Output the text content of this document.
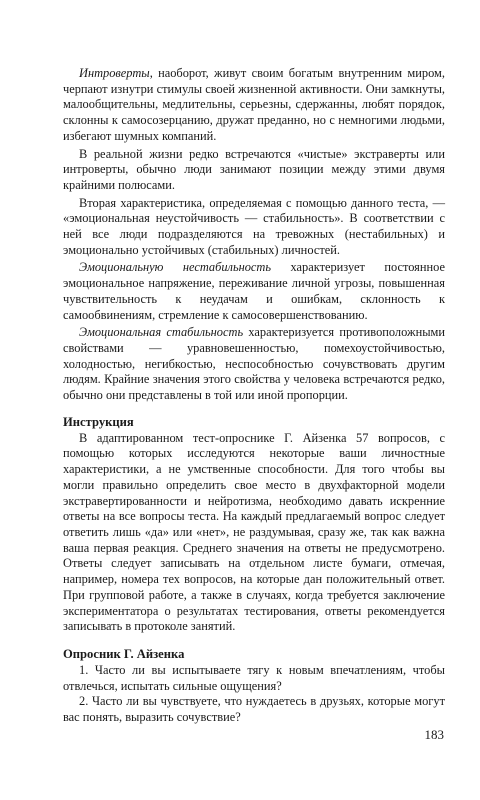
Интроверты, наоборот, живут своим богатым внутренним миром, черпают изнутри стимулы своей жизненной активности. Они замкнуты, малообщительны, медлительны, серьезны, сдержанны, любят порядок, склонны к самосозерцанию, дружат преданно, но с немногими людьми, избегают шумных компаний.

В реальной жизни редко встречаются «чистые» экстраверты или интроверты, обычно люди занимают позиции между этими двумя крайними полюсами.

Вторая характеристика, определяемая с помощью данного теста, — «эмоциональная неустойчивость — стабильность». В соответствии с ней все люди подразделяются на тревожных (нестабильных) и эмоционально устойчивых (стабильных) личностей.

Эмоциональную нестабильность характеризует постоянное эмоциональное напряжение, переживание личной угрозы, повышенная чувствительность к неудачам и ошибкам, склонность к самообвинениям, стремление к самосовершенствованию.

Эмоциональная стабильность характеризуется противоположными свойствами — уравновешенностью, помехоустойчивостью, холодностью, негибкостью, неспособностью сочувствовать другим людям. Крайние значения этого свойства у человека встречаются редко, обычно они представлены в той или иной пропорции.

Инструкция

В адаптированном тест-опроснике Г. Айзенка 57 вопросов, с помощью которых исследуются некоторые ваши личностные характеристики, а не умственные способности. Для того чтобы вы могли правильно определить свое место в двухфакторной модели экстравертированности и нейротизма, необходимо давать искренние ответы на все вопросы теста. На каждый предлагаемый вопрос следует ответить лишь «да» или «нет», не раздумывая, сразу же, так как важна ваша первая реакция. Среднего значения на ответы не предусмотрено. Ответы следует записывать на отдельном листе бумаги, отмечая, например, номера тех вопросов, на которые дан положительный ответ. При групповой работе, а также в случаях, когда требуется заключение экспериментатора о результатах тестирования, ответы рекомендуется записывать в протоколе занятий.

Опросник Г. Айзенка

1. Часто ли вы испытываете тягу к новым впечатлениям, чтобы отвлечься, испытать сильные ощущения?

2. Часто ли вы чувствуете, что нуждаетесь в друзьях, которые могут вас понять, выразить сочувствие?

183
